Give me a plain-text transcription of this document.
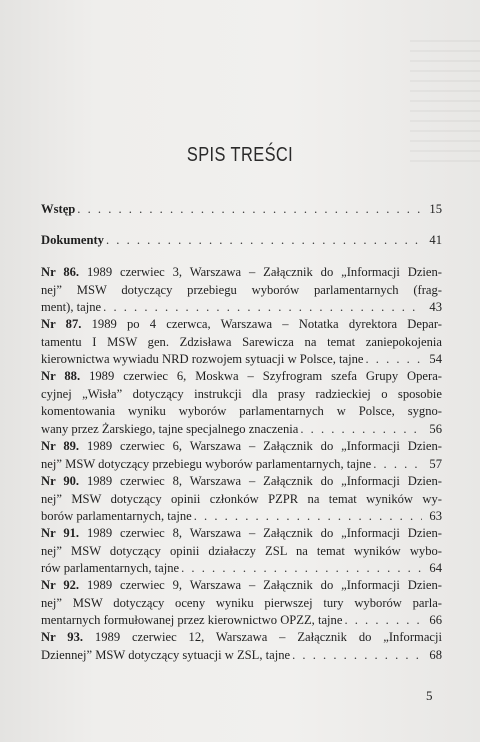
SPIS TREŚCI
Wstęp . . .	15
Dokumenty . . .	41
Nr 86. 1989 czerwiec 3, Warszawa – Załącznik do „Informacji Dzien-
nej” MSW dotyczący przebiegu wyborów parlamentarnych (frag-
ment), tajne . . .	43
Nr 87. 1989 po 4 czerwca, Warszawa – Notatka dyrektora Depar-
tamentu I MSW gen. Zdzisława Sarewicza na temat zaniepokojenia
kierownictwa wywiadu NRD rozwojem sytuacji w Polsce, tajne . . .	54
Nr 88. 1989 czerwiec 6, Moskwa – Szyfrogram szefa Grupy Opera-
cyjnej „Wisła” dotyczący instrukcji dla prasy radzieckiej o sposobie
komentowania wyniku wyborów parlamentarnych w Polsce, sygno-
wany przez Żarskiego, tajne specjalnego znaczenia . . .	56
Nr 89. 1989 czerwiec 6, Warszawa – Załącznik do „Informacji Dzien-
nej” MSW dotyczący przebiegu wyborów parlamentarnych, tajne . . .	57
Nr 90. 1989 czerwiec 8, Warszawa – Załącznik do „Informacji Dzien-
nej” MSW dotyczący opinii członków PZPR na temat wyników wy-
borów parlamentarnych, tajne . . .	63
Nr 91. 1989 czerwiec 8, Warszawa – Załącznik do „Informacji Dzien-
nej” MSW dotyczący opinii działaczy ZSL na temat wyników wybo-
rów parlamentarnych, tajne . . .	64
Nr 92. 1989 czerwiec 9, Warszawa – Załącznik do „Informacji Dzien-
nej” MSW dotyczący oceny wyniku pierwszej tury wyborów parla-
mentarnych formułowanej przez kierownictwo OPZZ, tajne . . .	66
Nr 93. 1989 czerwiec 12, Warszawa – Załącznik do „Informacji
Dziennej” MSW dotyczący sytuacji w ZSL, tajne . . .	68
5
